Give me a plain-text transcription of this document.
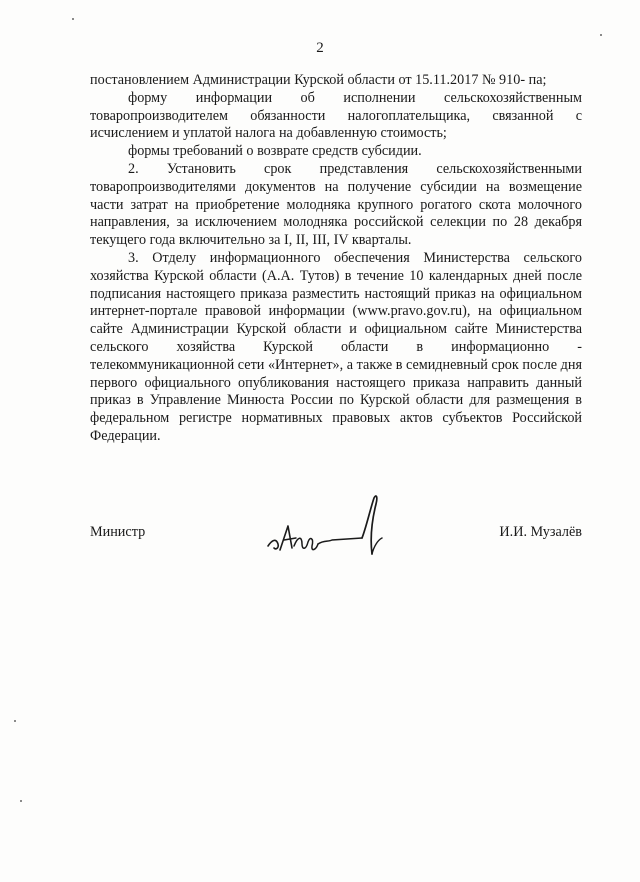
2

постановлением Администрации Курской области от 15.11.2017 № 910- па;

форму информации об исполнении сельскохозяйственным товаропроизводителем обязанности налогоплательщика, связанной с исчислением и уплатой налога на добавленную стоимость;

формы требований о возврате средств субсидии.

2. Установить срок представления сельскохозяйственными товаропроизводителями документов на получение субсидии на возмещение части затрат на приобретение молодняка крупного рогатого скота молочного направления, за исключением молодняка российской селекции по 28 декабря текущего года включительно за I, II, III, IV кварталы.

3. Отделу информационного обеспечения Министерства сельского хозяйства Курской области (А.А. Тутов) в течение 10 календарных дней после подписания настоящего приказа разместить настоящий приказ на официальном интернет-портале правовой информации (www.pravo.gov.ru), на официальном сайте Администрации Курской области и официальном сайте Министерства сельского хозяйства Курской области в информационно - телекоммуникационной сети «Интернет», а также в семидневный срок после дня первого официального опубликования настоящего приказа направить данный приказ в Управление Минюста России по Курской области для размещения в федеральном регистре нормативных правовых актов субъектов Российской Федерации.

Министр	И.И. Музалёв
